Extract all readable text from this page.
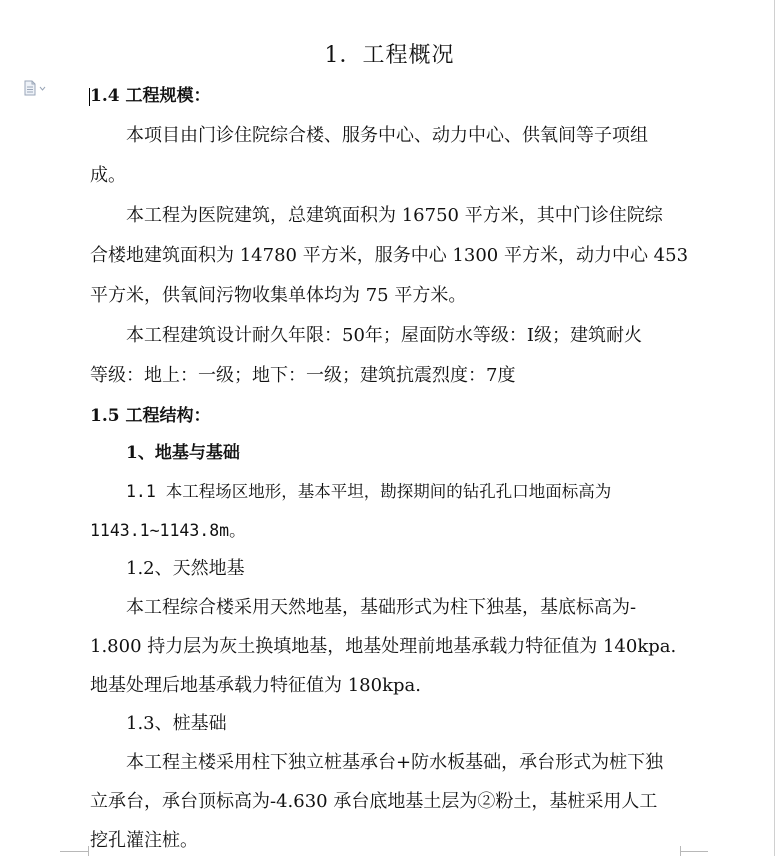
1．工程概况
1.4 工程规模：
本项目由门诊住院综合楼、服务中心、动力中心、供氧间等子项组
成。
本工程为医院建筑，总建筑面积为 16750 平方米，其中门诊住院综
合楼地建筑面积为 14780 平方米，服务中心 1300 平方米，动力中心 453
平方米，供氧间污物收集单体均为 75 平方米。
本工程建筑设计耐久年限：50年；屋面防水等级：Ⅰ级；建筑耐火
等级：地上：一级；地下：一级；建筑抗震烈度：7度
1.5 工程结构：
1、地基与基础
1.1 本工程场区地形，基本平坦，勘探期间的钻孔孔口地面标高为
1143.1~1143.8m。
1.2、天然地基
本工程综合楼采用天然地基，基础形式为柱下独基，基底标高为-
1.800 持力层为灰土换填地基，地基处理前地基承载力特征值为 140kpa.
地基处理后地基承载力特征值为 180kpa.
1.3、桩基础
本工程主楼采用柱下独立桩基承台+防水板基础，承台形式为桩下独
立承台，承台顶标高为-4.630 承台底地基土层为②粉土，基桩采用人工
挖孔灌注桩。
